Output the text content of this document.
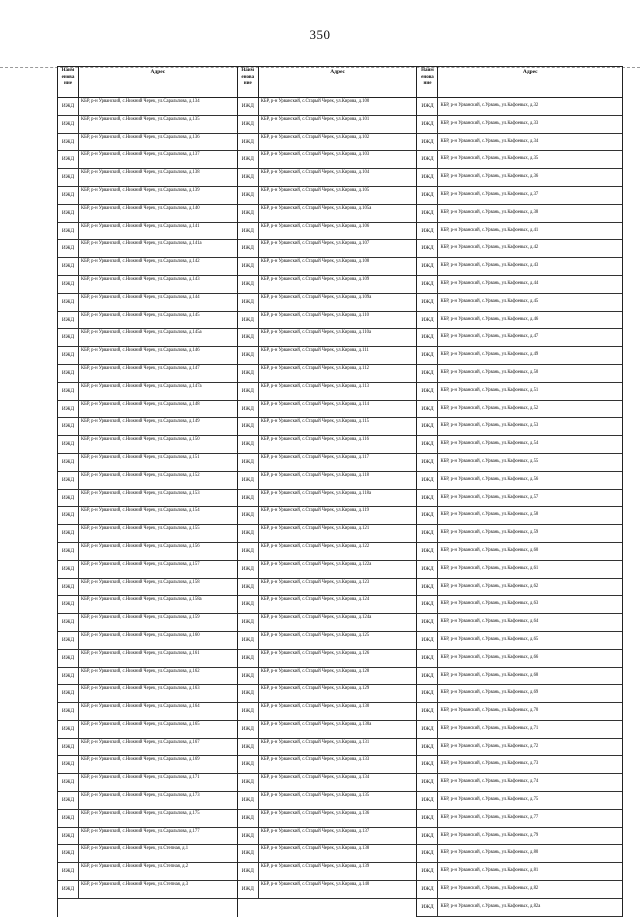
350
Наим енова ние
Адрес
ИЖД
КБР, р-н Урванский, с.Нижний Черек, ул.Саральпова, д.134
ИЖД
КБР, р-н Урванский, с.Нижний Черек, ул.Саральпова, д.135
ИЖД
КБР, р-н Урванский, с.Нижний Черек, ул.Саральпова, д.136
ИЖД
КБР, р-н Урванский, с.Нижний Черек, ул.Саральпова, д.137
ИЖД
КБР, р-н Урванский, с.Нижний Черек, ул.Саральпова, д.138
ИЖД
КБР, р-н Урванский, с.Нижний Черек, ул.Саральпова, д.139
ИЖД
КБР, р-н Урванский, с.Нижний Черек, ул.Саральпова, д.140
ИЖД
КБР, р-н Урванский, с.Нижний Черек, ул.Саральпова, д.141
ИЖД
КБР, р-н Урванский, с.Нижний Черек, ул.Саральпова, д.141а
ИЖД
КБР, р-н Урванский, с.Нижний Черек, ул.Саральпова, д.142
ИЖД
КБР, р-н Урванский, с.Нижний Черек, ул.Саральпова, д.143
ИЖД
КБР, р-н Урванский, с.Нижний Черек, ул.Саральпова, д.144
ИЖД
КБР, р-н Урванский, с.Нижний Черек, ул.Саральпова, д.145
ИЖД
КБР, р-н Урванский, с.Нижний Черек, ул.Саральпова, д.145а
ИЖД
КБР, р-н Урванский, с.Нижний Черек, ул.Саральпова, д.146
ИЖД
КБР, р-н Урванский, с.Нижний Черек, ул.Саральпова, д.147
ИЖД
КБР, р-н Урванский, с.Нижний Черек, ул.Саральпова, д.147а
ИЖД
КБР, р-н Урванский, с.Нижний Черек, ул.Саральпова, д.148
ИЖД
КБР, р-н Урванский, с.Нижний Черек, ул.Саральпова, д.149
ИЖД
КБР, р-н Урванский, с.Нижний Черек, ул.Саральпова, д.150
ИЖД
КБР, р-н Урванский, с.Нижний Черек, ул.Саральпова, д.151
ИЖД
КБР, р-н Урванский, с.Нижний Черек, ул.Саральпова, д.152
ИЖД
КБР, р-н Урванский, с.Нижний Черек, ул.Саральпова, д.153
ИЖД
КБР, р-н Урванский, с.Нижний Черек, ул.Саральпова, д.154
ИЖД
КБР, р-н Урванский, с.Нижний Черек, ул.Саральпова, д.155
ИЖД
КБР, р-н Урванский, с.Нижний Черек, ул.Саральпова, д.156
ИЖД
КБР, р-н Урванский, с.Нижний Черек, ул.Саральпова, д.157
ИЖД
КБР, р-н Урванский, с.Нижний Черек, ул.Саральпова, д.158
ИЖД
КБР, р-н Урванский, с.Нижний Черек, ул.Саральпова, д.158а
ИЖД
КБР, р-н Урванский, с.Нижний Черек, ул.Саральпова, д.159
ИЖД
КБР, р-н Урванский, с.Нижний Черек, ул.Саральпова, д.160
ИЖД
КБР, р-н Урванский, с.Нижний Черек, ул.Саральпова, д.161
ИЖД
КБР, р-н Урванский, с.Нижний Черек, ул.Саральпова, д.162
ИЖД
КБР, р-н Урванский, с.Нижний Черек, ул.Саральпова, д.163
ИЖД
КБР, р-н Урванский, с.Нижний Черек, ул.Саральпова, д.164
ИЖД
КБР, р-н Урванский, с.Нижний Черек, ул.Саральпова, д.165
ИЖД
КБР, р-н Урванский, с.Нижний Черек, ул.Саральпова, д.167
ИЖД
КБР, р-н Урванский, с.Нижний Черек, ул.Саральпова, д.169
ИЖД
КБР, р-н Урванский, с.Нижний Черек, ул.Саральпова, д.171
ИЖД
КБР, р-н Урванский, с.Нижний Черек, ул.Саральпова, д.173
ИЖД
КБР, р-н Урванский, с.Нижний Черек, ул.Саральпова, д.175
ИЖД
КБР, р-н Урванский, с.Нижний Черек, ул.Саральпова, д.177
ИЖД
КБР, р-н Урванский, с.Нижний Черек, ул.Степная, д.1
ИЖД
КБР, р-н Урванский, с.Нижний Черек, ул.Степная, д.2
ИЖД
КБР, р-н Урванский, с.Нижний Черек, ул.Степная, д.3
Наим енова ние
Адрес
ИЖД
КБР, р-н Урванский, с.Старый Черек, ул.Кирова, д.100
ИЖД
КБР, р-н Урванский, с.Старый Черек, ул.Кирова, д.101
ИЖД
КБР, р-н Урванский, с.Старый Черек, ул.Кирова, д.102
ИЖД
КБР, р-н Урванский, с.Старый Черек, ул.Кирова, д.103
ИЖД
КБР, р-н Урванский, с.Старый Черек, ул.Кирова, д.104
ИЖД
КБР, р-н Урванский, с.Старый Черек, ул.Кирова, д.105
ИЖД
КБР, р-н Урванский, с.Старый Черек, ул.Кирова, д.105а
ИЖД
КБР, р-н Урванский, с.Старый Черек, ул.Кирова, д.106
ИЖД
КБР, р-н Урванский, с.Старый Черек, ул.Кирова, д.107
ИЖД
КБР, р-н Урванский, с.Старый Черек, ул.Кирова, д.108
ИЖД
КБР, р-н Урванский, с.Старый Черек, ул.Кирова, д.109
ИЖД
КБР, р-н Урванский, с.Старый Черек, ул.Кирова, д.109а
ИЖД
КБР, р-н Урванский, с.Старый Черек, ул.Кирова, д.110
ИЖД
КБР, р-н Урванский, с.Старый Черек, ул.Кирова, д.110а
ИЖД
КБР, р-н Урванский, с.Старый Черек, ул.Кирова, д.111
ИЖД
КБР, р-н Урванский, с.Старый Черек, ул.Кирова, д.112
ИЖД
КБР, р-н Урванский, с.Старый Черек, ул.Кирова, д.113
ИЖД
КБР, р-н Урванский, с.Старый Черек, ул.Кирова, д.114
ИЖД
КБР, р-н Урванский, с.Старый Черек, ул.Кирова, д.115
ИЖД
КБР, р-н Урванский, с.Старый Черек, ул.Кирова, д.116
ИЖД
КБР, р-н Урванский, с.Старый Черек, ул.Кирова, д.117
ИЖД
КБР, р-н Урванский, с.Старый Черек, ул.Кирова, д.118
ИЖД
КБР, р-н Урванский, с.Старый Черек, ул.Кирова, д.118а
ИЖД
КБР, р-н Урванский, с.Старый Черек, ул.Кирова, д.119
ИЖД
КБР, р-н Урванский, с.Старый Черек, ул.Кирова, д.121
ИЖД
КБР, р-н Урванский, с.Старый Черек, ул.Кирова, д.122
ИЖД
КБР, р-н Урванский, с.Старый Черек, ул.Кирова, д.122а
ИЖД
КБР, р-н Урванский, с.Старый Черек, ул.Кирова, д.123
ИЖД
КБР, р-н Урванский, с.Старый Черек, ул.Кирова, д.124
ИЖД
КБР, р-н Урванский, с.Старый Черек, ул.Кирова, д.124а
ИЖД
КБР, р-н Урванский, с.Старый Черек, ул.Кирова, д.125
ИЖД
КБР, р-н Урванский, с.Старый Черек, ул.Кирова, д.126
ИЖД
КБР, р-н Урванский, с.Старый Черек, ул.Кирова, д.128
ИЖД
КБР, р-н Урванский, с.Старый Черек, ул.Кирова, д.129
ИЖД
КБР, р-н Урванский, с.Старый Черек, ул.Кирова, д.130
ИЖД
КБР, р-н Урванский, с.Старый Черек, ул.Кирова, д.130а
ИЖД
КБР, р-н Урванский, с.Старый Черек, ул.Кирова, д.131
ИЖД
КБР, р-н Урванский, с.Старый Черек, ул.Кирова, д.133
ИЖД
КБР, р-н Урванский, с.Старый Черек, ул.Кирова, д.134
ИЖД
КБР, р-н Урванский, с.Старый Черек, ул.Кирова, д.135
ИЖД
КБР, р-н Урванский, с.Старый Черек, ул.Кирова, д.136
ИЖД
КБР, р-н Урванский, с.Старый Черек, ул.Кирова, д.137
ИЖД
КБР, р-н Урванский, с.Старый Черек, ул.Кирова, д.138
ИЖД
КБР, р-н Урванский, с.Старый Черек, ул.Кирова, д.139
ИЖД
КБР, р-н Урванский, с.Старый Черек, ул.Кирова, д.140
Наим енова ние
Адрес
ИЖД	КБР, р-н Урванский, с.Урвань, ул.Кафоевых, д.32
ИЖД	КБР, р-н Урванский, с.Урвань, ул.Кафоевых, д.33
ИЖД	КБР, р-н Урванский, с.Урвань, ул.Кафоевых, д.34
ИЖД	КБР, р-н Урванский, с.Урвань, ул.Кафоевых, д.35
ИЖД	КБР, р-н Урванский, с.Урвань, ул.Кафоевых, д.36
ИЖД	КБР, р-н Урванский, с.Урвань, ул.Кафоевых, д.37
ИЖД	КБР, р-н Урванский, с.Урвань, ул.Кафоевых, д.38
ИЖД	КБР, р-н Урванский, с.Урвань, ул.Кафоевых, д.41
ИЖД	КБР, р-н Урванский, с.Урвань, ул.Кафоевых, д.42
ИЖД	КБР, р-н Урванский, с.Урвань, ул.Кафоевых, д.43
ИЖД	КБР, р-н Урванский, с.Урвань, ул.Кафоевых, д.44
ИЖД	КБР, р-н Урванский, с.Урвань, ул.Кафоевых, д.45
ИЖД	КБР, р-н Урванский, с.Урвань, ул.Кафоевых, д.46
ИЖД	КБР, р-н Урванский, с.Урвань, ул.Кафоевых, д.47
ИЖД	КБР, р-н Урванский, с.Урвань, ул.Кафоевых, д.49
ИЖД	КБР, р-н Урванский, с.Урвань, ул.Кафоевых, д.50
ИЖД	КБР, р-н Урванский, с.Урвань, ул.Кафоевых, д.51
ИЖД	КБР, р-н Урванский, с.Урвань, ул.Кафоевых, д.52
ИЖД	КБР, р-н Урванский, с.Урвань, ул.Кафоевых, д.53
ИЖД	КБР, р-н Урванский, с.Урвань, ул.Кафоевых, д.54
ИЖД	КБР, р-н Урванский, с.Урвань, ул.Кафоевых, д.55
ИЖД	КБР, р-н Урванский, с.Урвань, ул.Кафоевых, д.56
ИЖД	КБР, р-н Урванский, с.Урвань, ул.Кафоевых, д.57
ИЖД	КБР, р-н Урванский, с.Урвань, ул.Кафоевых, д.58
ИЖД	КБР, р-н Урванский, с.Урвань, ул.Кафоевых, д.59
ИЖД	КБР, р-н Урванский, с.Урвань, ул.Кафоевых, д.60
ИЖД	КБР, р-н Урванский, с.Урвань, ул.Кафоевых, д.61
ИЖД	КБР, р-н Урванский, с.Урвань, ул.Кафоевых, д.62
ИЖД	КБР, р-н Урванский, с.Урвань, ул.Кафоевых, д.63
ИЖД	КБР, р-н Урванский, с.Урвань, ул.Кафоевых, д.64
ИЖД	КБР, р-н Урванский, с.Урвань, ул.Кафоевых, д.65
ИЖД	КБР, р-н Урванский, с.Урвань, ул.Кафоевых, д.66
ИЖД	КБР, р-н Урванский, с.Урвань, ул.Кафоевых, д.68
ИЖД	КБР, р-н Урванский, с.Урвань, ул.Кафоевых, д.69
ИЖД	КБР, р-н Урванский, с.Урвань, ул.Кафоевых, д.70
ИЖД	КБР, р-н Урванский, с.Урвань, ул.Кафоевых, д.71
ИЖД	КБР, р-н Урванский, с.Урвань, ул.Кафоевых, д.72
ИЖД	КБР, р-н Урванский, с.Урвань, ул.Кафоевых, д.73
ИЖД	КБР, р-н Урванский, с.Урвань, ул.Кафоевых, д.74
ИЖД	КБР, р-н Урванский, с.Урвань, ул.Кафоевых, д.75
ИЖД	КБР, р-н Урванский, с.Урвань, ул.Кафоевых, д.77
ИЖД	КБР, р-н Урванский, с.Урвань, ул.Кафоевых, д.79
ИЖД	КБР, р-н Урванский, с.Урвань, ул.Кафоевых, д.80
ИЖД	КБР, р-н Урванский, с.Урвань, ул.Кафоевых, д.81
ИЖД	КБР, р-н Урванский, с.Урвань, ул.Кафоевых, д.82
ИЖД	КБР, р-н Урванский, с.Урвань, ул.Кафоевых, д.82а
